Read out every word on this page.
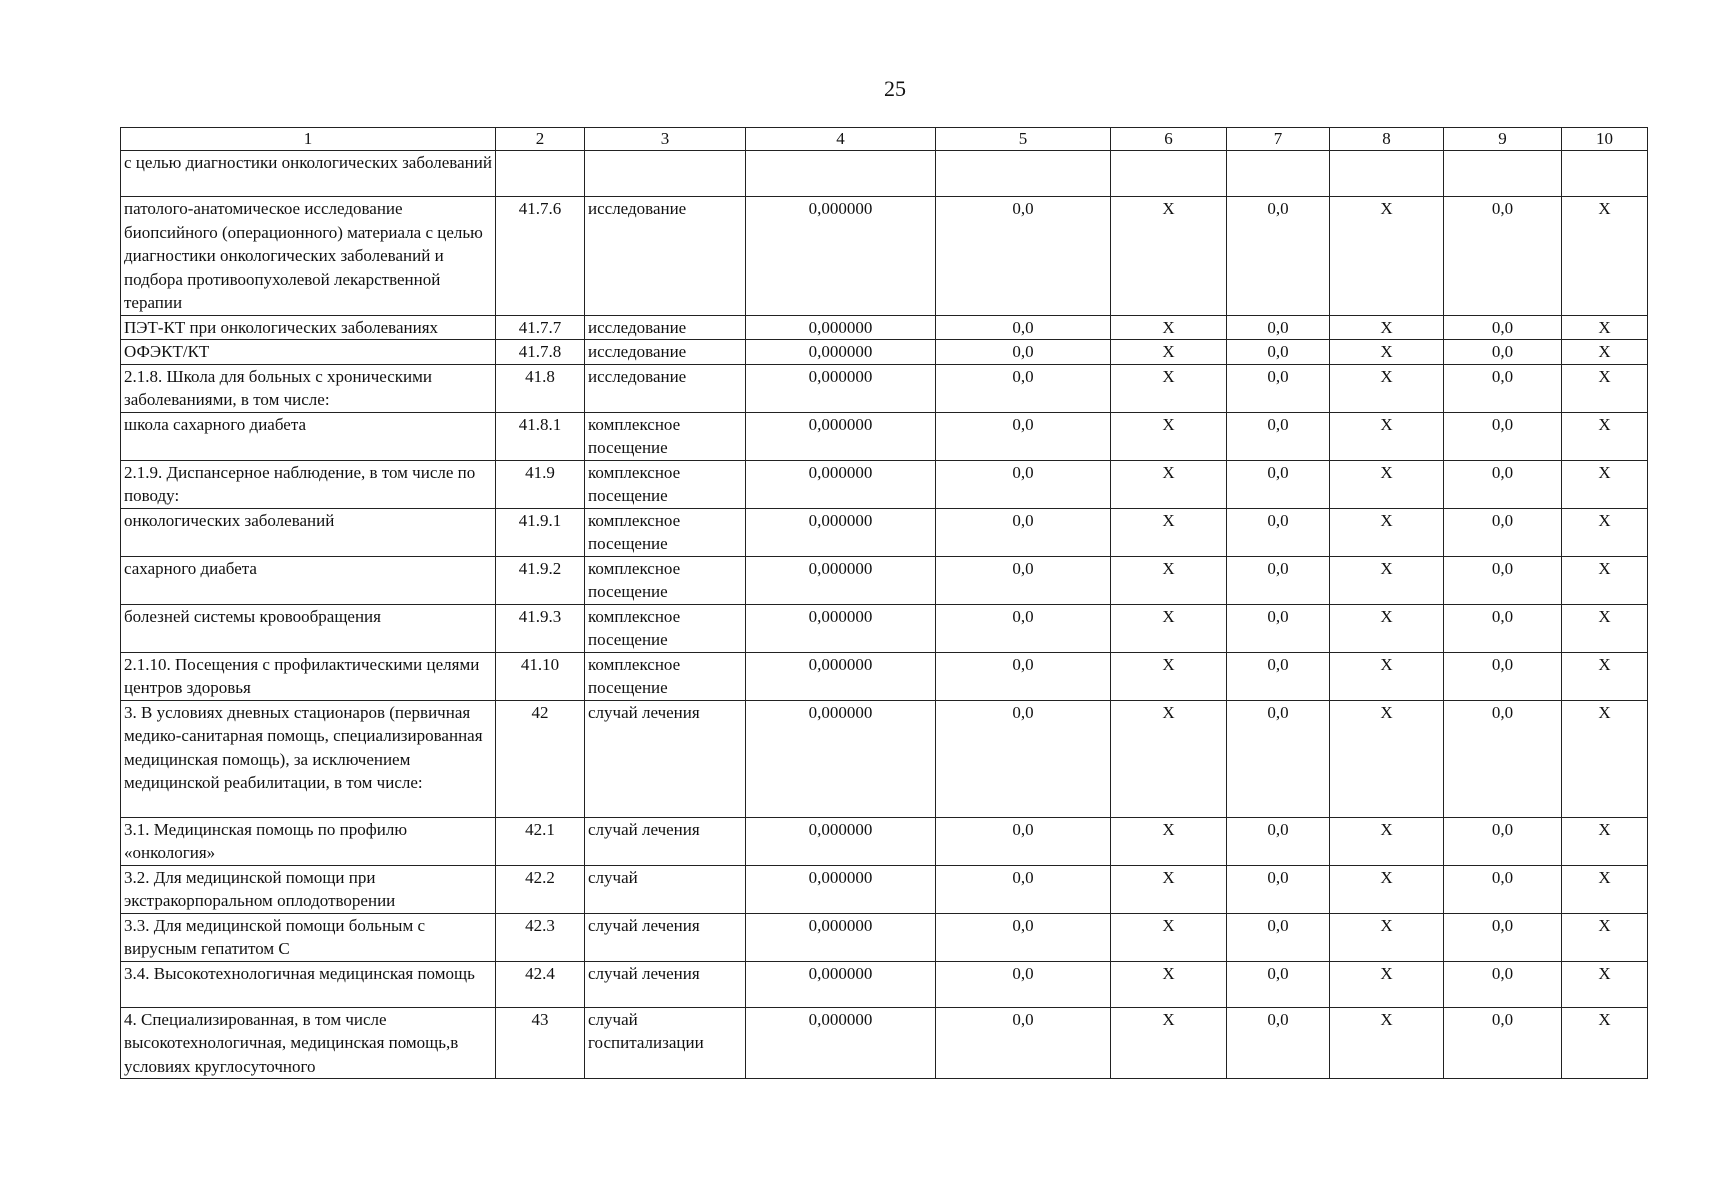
25
1	2	3	4	5	6	7	8	9	10
с целью диагностики онкологических заболеваний									
патолого-анатомическое исследование биопсийного (операционного) материала с целью диагностики онкологических заболеваний и подбора противоопухолевой лекарственной терапии	41.7.6	исследование	0,000000	0,0	X	0,0	X	0,0	X
ПЭТ-КТ при онкологических заболеваниях	41.7.7	исследование	0,000000	0,0	X	0,0	X	0,0	X
ОФЭКТ/КТ	41.7.8	исследование	0,000000	0,0	X	0,0	X	0,0	X
2.1.8. Школа для больных с хроническими заболеваниями, в том числе:	41.8	исследование	0,000000	0,0	X	0,0	X	0,0	X
школа сахарного диабета	41.8.1	комплексное посещение	0,000000	0,0	X	0,0	X	0,0	X
2.1.9. Диспансерное наблюдение, в том числе по поводу:	41.9	комплексное посещение	0,000000	0,0	X	0,0	X	0,0	X
онкологических заболеваний	41.9.1	комплексное посещение	0,000000	0,0	X	0,0	X	0,0	X
сахарного диабета	41.9.2	комплексное посещение	0,000000	0,0	X	0,0	X	0,0	X
болезней системы кровообращения	41.9.3	комплексное посещение	0,000000	0,0	X	0,0	X	0,0	X
2.1.10. Посещения с профилактическими целями центров здоровья	41.10	комплексное посещение	0,000000	0,0	X	0,0	X	0,0	X
3. В условиях дневных стационаров (первичная медико-санитарная помощь, специализированная медицинская помощь), за исключением медицинской реабилитации, в том числе:	42	случай лечения	0,000000	0,0	X	0,0	X	0,0	X
3.1. Медицинская помощь по профилю «онкология»	42.1	случай лечения	0,000000	0,0	X	0,0	X	0,0	X
3.2. Для медицинской помощи при экстракорпоральном оплодотворении	42.2	случай	0,000000	0,0	X	0,0	X	0,0	X
3.3. Для медицинской помощи больным с вирусным гепатитом С	42.3	случай лечения	0,000000	0,0	X	0,0	X	0,0	X
3.4. Высокотехнологичная медицинская помощь	42.4	случай лечения	0,000000	0,0	X	0,0	X	0,0	X
4. Специализированная, в том числе высокотехнологичная, медицинская помощь,в условиях круглосуточного	43	случай госпитализации	0,000000	0,0	X	0,0	X	0,0	X
